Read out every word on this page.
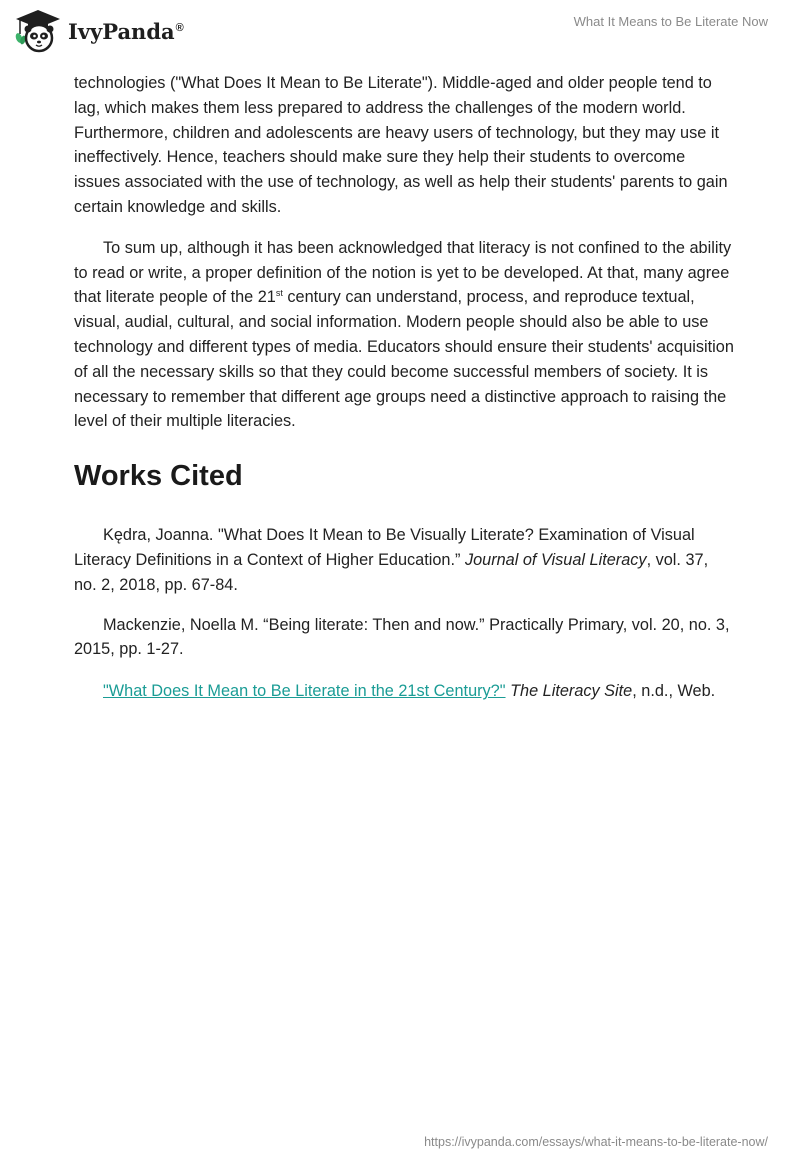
IvyPanda®	What It Means to Be Literate Now

technologies ("What Does It Mean to Be Literate"). Middle-aged and older people tend to lag, which makes them less prepared to address the challenges of the modern world. Furthermore, children and adolescents are heavy users of technology, but they may use it ineffectively. Hence, teachers should make sure they help their students to overcome issues associated with the use of technology, as well as help their students' parents to gain certain knowledge and skills.

To sum up, although it has been acknowledged that literacy is not confined to the ability to read or write, a proper definition of the notion is yet to be developed. At that, many agree that literate people of the 21st century can understand, process, and reproduce textual, visual, audial, cultural, and social information. Modern people should also be able to use technology and different types of media. Educators should ensure their students' acquisition of all the necessary skills so that they could become successful members of society. It is necessary to remember that different age groups need a distinctive approach to raising the level of their multiple literacies.

Works Cited

Kędra, Joanna. "What Does It Mean to Be Visually Literate? Examination of Visual Literacy Definitions in a Context of Higher Education.” Journal of Visual Literacy, vol. 37, no. 2, 2018, pp. 67-84.

Mackenzie, Noella M. “Being literate: Then and now.” Practically Primary, vol. 20, no. 3, 2015, pp. 1-27.

"What Does It Mean to Be Literate in the 21st Century?" The Literacy Site, n.d., Web.

https://ivypanda.com/essays/what-it-means-to-be-literate-now/
